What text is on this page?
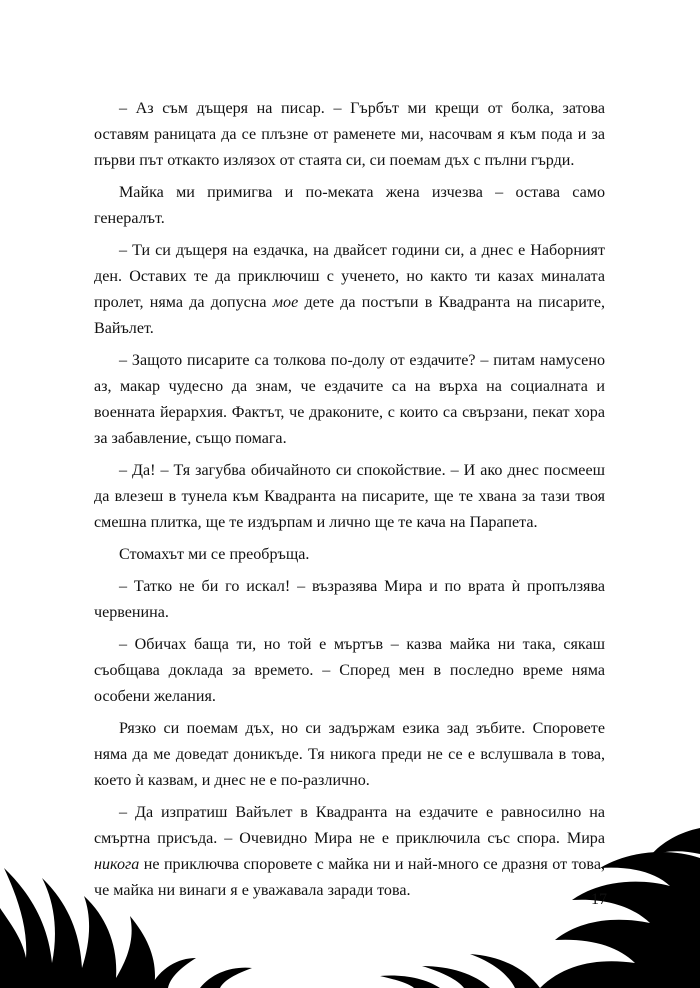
– Аз съм дъщеря на писар. – Гърбът ми крещи от болка, затова оставям раницата да се плъзне от раменете ми, насочвам я към пода и за първи път откакто излязох от стаята си, си поемам дъх с пълни гърди.

Майка ми примигва и по-меката жена изчезва – остава само генералът.

– Ти си дъщеря на ездачка, на двайсет години си, а днес е Наборният ден. Оставих те да приключиш с ученето, но както ти казах миналата пролет, няма да допусна мое дете да постъпи в Квадранта на писарите, Вайълет.

– Защото писарите са толкова по-долу от ездачите? – питам намусено аз, макар чудесно да знам, че ездачите са на върха на социалната и военната йерархия. Фактът, че драконите, с които са свързани, пекат хора за забавление, също помага.

– Да! – Тя загубва обичайното си спокойствие. – И ако днес посмееш да влезеш в тунела към Квадранта на писарите, ще те хвана за тази твоя смешна плитка, ще те издърпам и лично ще те кача на Парапета.

Стомахът ми се преобръща.

– Татко не би го искал! – възразява Мира и по врата ѝ пропълзява червенина.

– Обичах баща ти, но той е мъртъв – казва майка ни така, сякаш съобщава доклада за времето. – Според мен в последно време няма особени желания.

Рязко си поемам дъх, но си задържам езика зад зъбите. Споровете няма да ме доведат доникъде. Тя никога преди не се е вслушвала в това, което ѝ казвам, и днес не е по-различно.

– Да изпратиш Вайълет в Квадранта на ездачите е равносилно на смъртна присъда. – Очевидно Мира не е приключила със спора. Мира никога не приключва споровете с майка ни и най-много се дразня от това, че майка ни винаги я е уважавала заради това.

17
